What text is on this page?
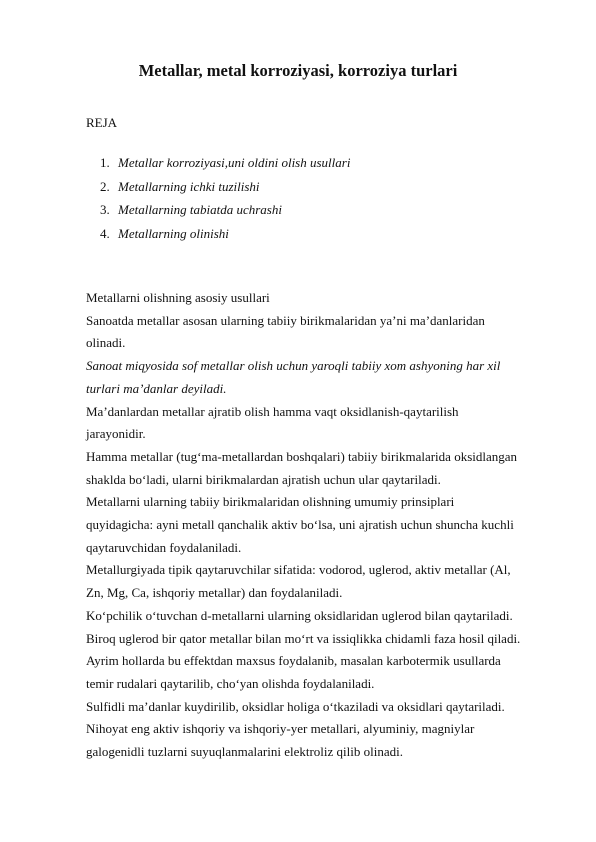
Metallar, metal korroziyasi, korroziya turlari
REJA
1. Metallar korroziyasi,uni oldini olish usullari
2. Metallarning ichki tuzilishi
3. Metallarning tabiatda uchrashi
4. Metallarning olinishi
Metallarni olishning asosiy usullari
Sanoatda metallar asosan ularning tabiiy birikmalaridan ya’ni ma’danlaridan
olinadi.
Sanoat miqyosida sof metallar olish uchun yaroqli tabiiy xom ashyoning har xil
turlari ma’danlar deyiladi.
Ma’danlardan metallar ajratib olish hamma vaqt oksidlanish-qaytarilish
jarayonidir.
Hamma metallar (tug‘ma-metallardan boshqalari) tabiiy birikmalarida oksidlangan
shaklda bo‘ladi, ularni birikmalardan ajratish uchun ular qaytariladi.
Metallarni ularning tabiiy birikmalaridan olishning umumiy prinsiplari
quyidagicha: ayni metall qanchalik aktiv bo‘lsa, uni ajratish uchun shuncha kuchli
qaytaruvchidan foydalaniladi.
Metallurgiyada tipik qaytaruvchilar sifatida: vodorod, uglerod, aktiv metallar (Al,
Zn, Mg, Ca, ishqoriy metallar) dan foydalaniladi.
Ko‘pchilik o‘tuvchan d-metallarni ularning oksidlaridan uglerod bilan qaytariladi.
Biroq uglerod bir qator metallar bilan mo‘rt va issiqlikka chidamli faza hosil qiladi.
Ayrim hollarda bu effektdan maxsus foydalanib, masalan karbotermik usullarda
temir rudalari qaytarilib, cho‘yan olishda foydalaniladi.
Sulfidli ma’danlar kuydirilib, oksidlar holiga o‘tkaziladi va oksidlari qaytariladi.
Nihoyat eng aktiv ishqoriy va ishqoriy-yer metallari, alyuminiy, magniylar
galogenidli tuzlarni suyuqlanmalarini elektroliz qilib olinadi.
